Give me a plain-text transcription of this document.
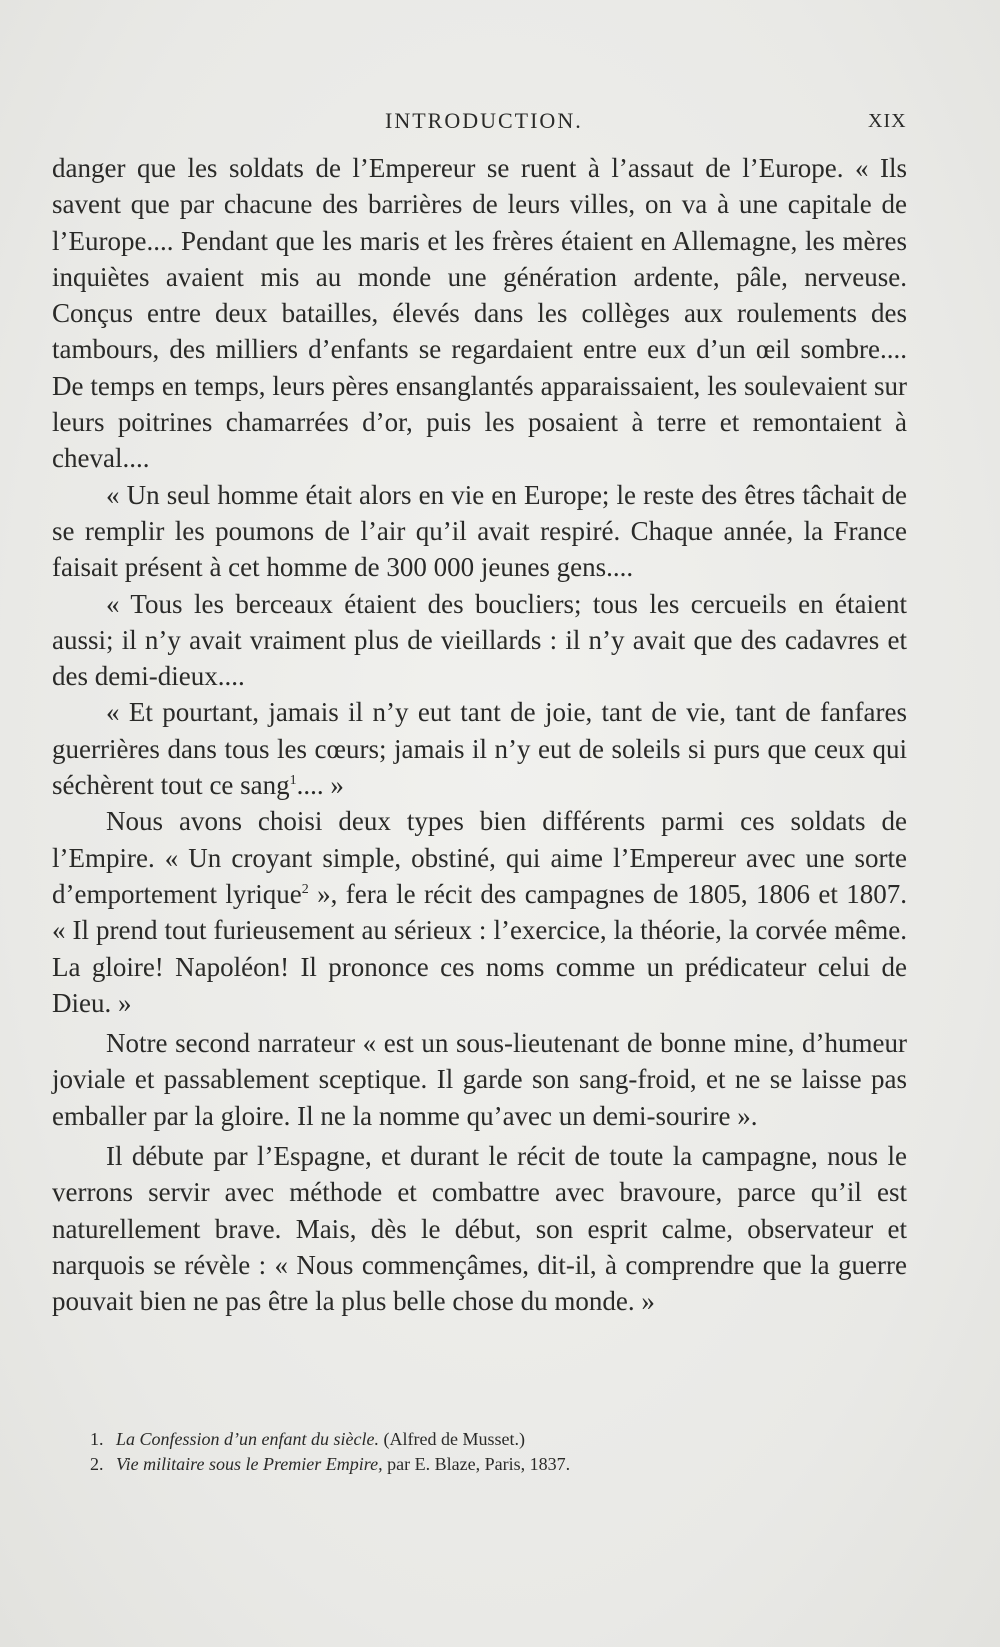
INTRODUCTION.	XIX

danger que les soldats de l’Empereur se ruent à l’assaut de l’Europe. « Ils savent que par chacune des barrières de leurs villes, on va à une capitale de l’Europe.... Pendant que les maris et les frères étaient en Allemagne, les mères inquiètes avaient mis au monde une génération ardente, pâle, nerveuse. Conçus entre deux batailles, élevés dans les collèges aux roulements des tambours, des milliers d’enfants se regardaient entre eux d’un œil sombre.... De temps en temps, leurs pères ensanglantés apparaissaient, les soulevaient sur leurs poitrines chamarrées d’or, puis les posaient à terre et remontaient à cheval....

« Un seul homme était alors en vie en Europe; le reste des êtres tâchait de se remplir les poumons de l’air qu’il avait respiré. Chaque année, la France faisait présent à cet homme de 300 000 jeunes gens....

« Tous les berceaux étaient des boucliers; tous les cercueils en étaient aussi; il n’y avait vraiment plus de vieillards : il n’y avait que des cadavres et des demi-dieux....

« Et pourtant, jamais il n’y eut tant de joie, tant de vie, tant de fanfares guerrières dans tous les cœurs; jamais il n’y eut de soleils si purs que ceux qui séchèrent tout ce sang$^1$.... »

Nous avons choisi deux types bien différents parmi ces soldats de l’Empire. « Un croyant simple, obstiné, qui aime l’Empereur avec une sorte d’emportement lyrique$^2$ », fera le récit des campagnes de 1805, 1806 et 1807. « Il prend tout furieusement au sérieux : l’exercice, la théorie, la corvée même. La gloire! Napoléon! Il prononce ces noms comme un prédicateur celui de Dieu. »

Notre second narrateur « est un sous-lieutenant de bonne mine, d’humeur joviale et passablement sceptique. Il garde son sang-froid, et ne se laisse pas emballer par la gloire. Il ne la nomme qu’avec un demi-sourire ».

Il débute par l’Espagne, et durant le récit de toute la campagne, nous le verrons servir avec méthode et combattre avec bravoure, parce qu’il est naturellement brave. Mais, dès le début, son esprit calme, observateur et narquois se révèle : « Nous commençâmes, dit-il, à comprendre que la guerre pouvait bien ne pas être la plus belle chose du monde. »

1. La Confession d’un enfant du siècle. (Alfred de Musset.)
2. Vie militaire sous le Premier Empire, par E. Blaze, Paris, 1837.
